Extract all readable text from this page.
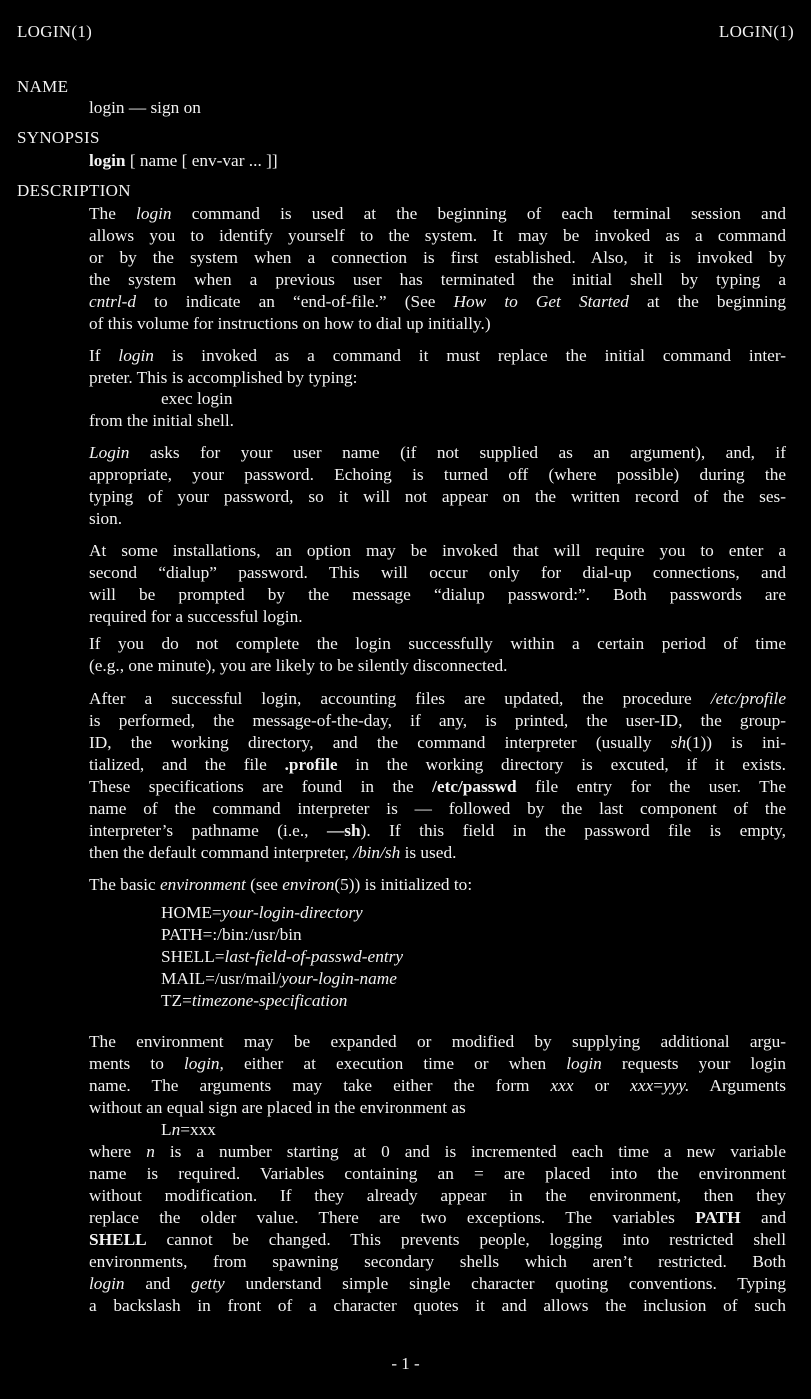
LOGIN(1)	LOGIN(1)
NAME
login — sign on
SYNOPSIS
login [ name [ env-var ... ]]
DESCRIPTION
The login command is used at the beginning of each terminal session and
allows you to identify yourself to the system. It may be invoked as a command
or by the system when a connection is first established. Also, it is invoked by
the system when a previous user has terminated the initial shell by typing a
cntrl-d to indicate an “end-of-file.” (See How to Get Started at the beginning
of this volume for instructions on how to dial up initially.)
If login is invoked as a command it must replace the initial command inter-
preter. This is accomplished by typing:
exec login
from the initial shell.
Login asks for your user name (if not supplied as an argument), and, if
appropriate, your password. Echoing is turned off (where possible) during the
typing of your password, so it will not appear on the written record of the ses-
sion.
At some installations, an option may be invoked that will require you to enter a
second “dialup” password. This will occur only for dial-up connections, and
will be prompted by the message “dialup password:”. Both passwords are
required for a successful login.
If you do not complete the login successfully within a certain period of time
(e.g., one minute), you are likely to be silently disconnected.
After a successful login, accounting files are updated, the procedure /etc/profile
is performed, the message-of-the-day, if any, is printed, the user-ID, the group-
ID, the working directory, and the command interpreter (usually sh(1)) is ini-
tialized, and the file .profile in the working directory is excuted, if it exists.
These specifications are found in the /etc/passwd file entry for the user. The
name of the command interpreter is — followed by the last component of the
interpreter’s pathname (i.e., —sh). If this field in the password file is empty,
then the default command interpreter, /bin/sh is used.
The basic environment (see environ(5)) is initialized to:
HOME=your-login-directory
PATH=:/bin:/usr/bin
SHELL=last-field-of-passwd-entry
MAIL=/usr/mail/your-login-name
TZ=timezone-specification
The environment may be expanded or modified by supplying additional argu-
ments to login, either at execution time or when login requests your login
name. The arguments may take either the form xxx or xxx=yyy. Arguments
without an equal sign are placed in the environment as
Ln=xxx
where n is a number starting at 0 and is incremented each time a new variable
name is required. Variables containing an = are placed into the environment
without modification. If they already appear in the environment, then they
replace the older value. There are two exceptions. The variables PATH and
SHELL cannot be changed. This prevents people, logging into restricted shell
environments, from spawning secondary shells which aren’t restricted. Both
login and getty understand simple single character quoting conventions. Typing
a backslash in front of a character quotes it and allows the inclusion of such
- 1 -
